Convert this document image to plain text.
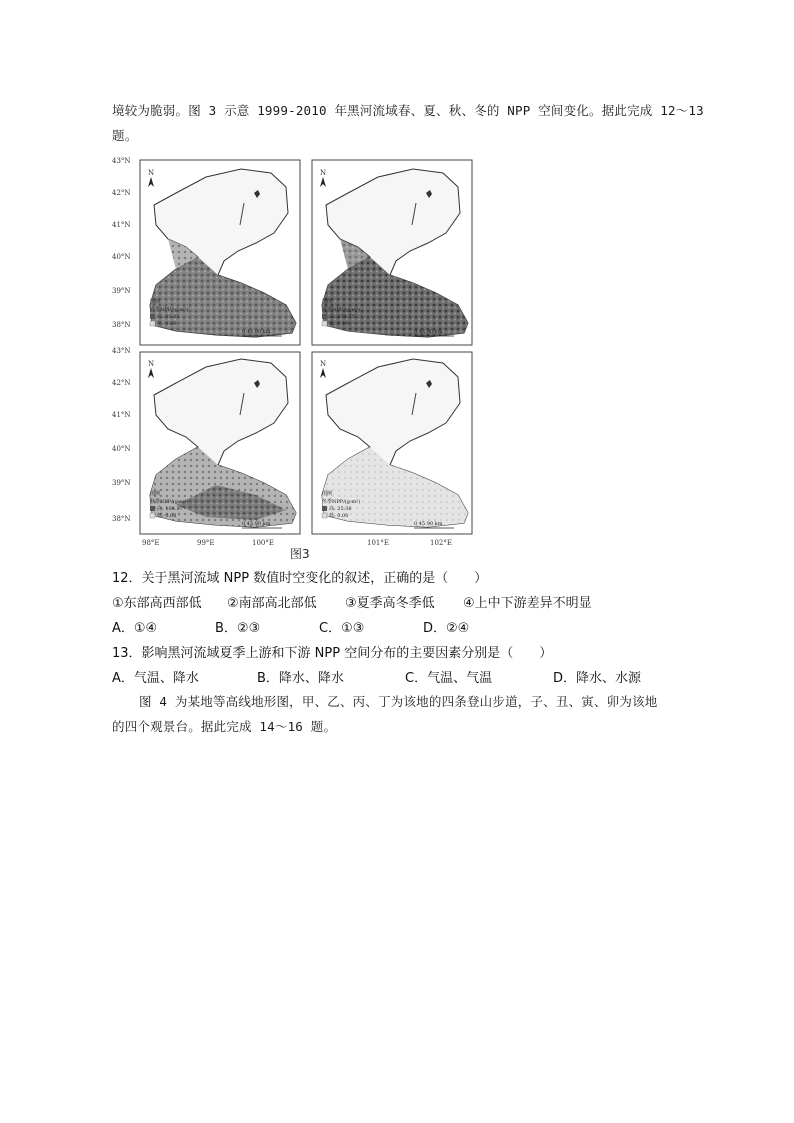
境较为脆弱。图 3 示意 1999-2010 年黑河流域春、夏、秋、冬的 NPP 空间变化。据此完成 12～13
题。
N	N
N	N
43°N
42°N
41°N
40°N
39°N
38°N
43°N
42°N
41°N
40°N
39°N
38°N
98°E	99°E	100°E	101°E	102°E
图例
春季NPP/(g·m²)
高: 83.62
低: 0.00
0 45 90 km
图例
夏季NPP/(g·m²)
高: 374.77
低: 0.10
0 45 90 km
图例
秋季NPP/(g·m²)
高: 106.17
低: 0.08
0 45 90 km
图例
冬季NPP/(g·m²)
高: 25.36
低: 0.00
0 45 90 km
图3
12．关于黑河流域 NPP 数值时空变化的叙述，正确的是（　　）
①东部高西部低 ②南部高北部低 ③夏季高冬季低 ④上中下游差异不明显
A．①④	B．②③	C．①③	D．②④
13．影响黑河流域夏季上游和下游 NPP 空间分布的主要因素分别是（　　）
A．气温、降水	B．降水、降水	C．气温、气温	D．降水、水源
图 4 为某地等高线地形图，甲、乙、丙、丁为该地的四条登山步道，子、丑、寅、卯为该地
的四个观景台。据此完成 14～16 题。
